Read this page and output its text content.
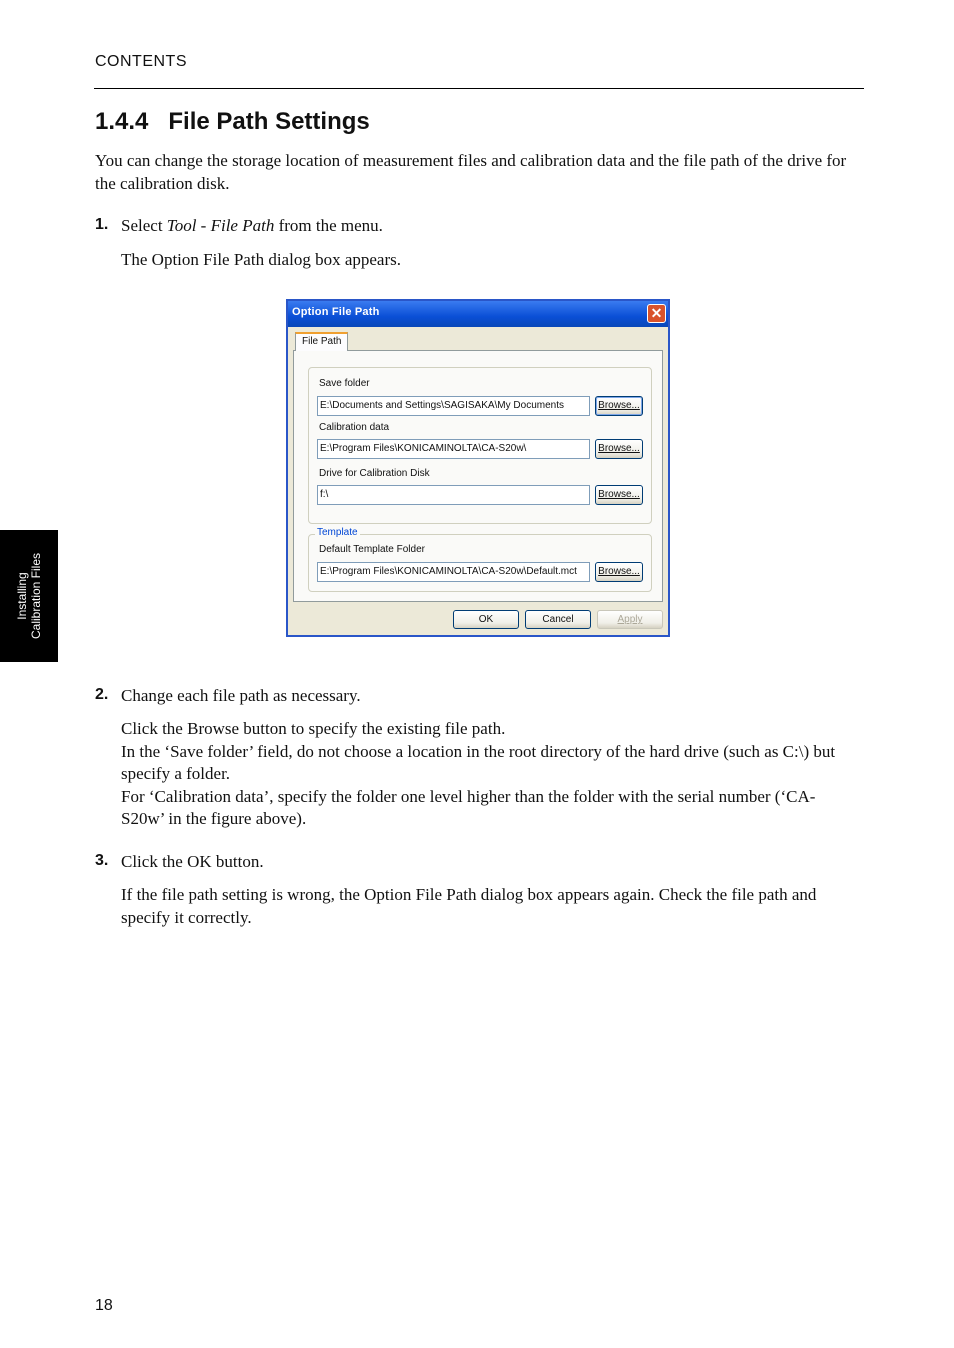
CONTENTS
1.4.4 File Path Settings

You can change the storage location of measurement files and calibration data and the file path of the drive for the calibration disk.

1. Select Tool - File Path from the menu.

The Option File Path dialog box appears.

Option File Path	✕
File Path
Save folder
E:\Documents and Settings\SAGISAKA\My Documents	Browse...
Calibration data
E:\Program Files\KONICAMINOLTA\CA-S20w\	Browse...
Drive for Calibration Disk
f:\	Browse...
Template
Default Template Folder
E:\Program Files\KONICAMINOLTA\CA-S20w\Default.mct	Browse...
OK	Cancel	Apply
2. Change each file path as necessary.

Click the Browse button to specify the existing file path.
In the ‘Save folder’ field, do not choose a location in the root directory of the hard drive (such as C:\) but specify a folder.
For ‘Calibration data’, specify the folder one level higher than the folder with the serial number (‘CA-S20w’ in the figure above).
3. Click the OK button.

If the file path setting is wrong, the Option File Path dialog box appears again. Check the file path and specify it correctly.

Installing Calibration Files
18
